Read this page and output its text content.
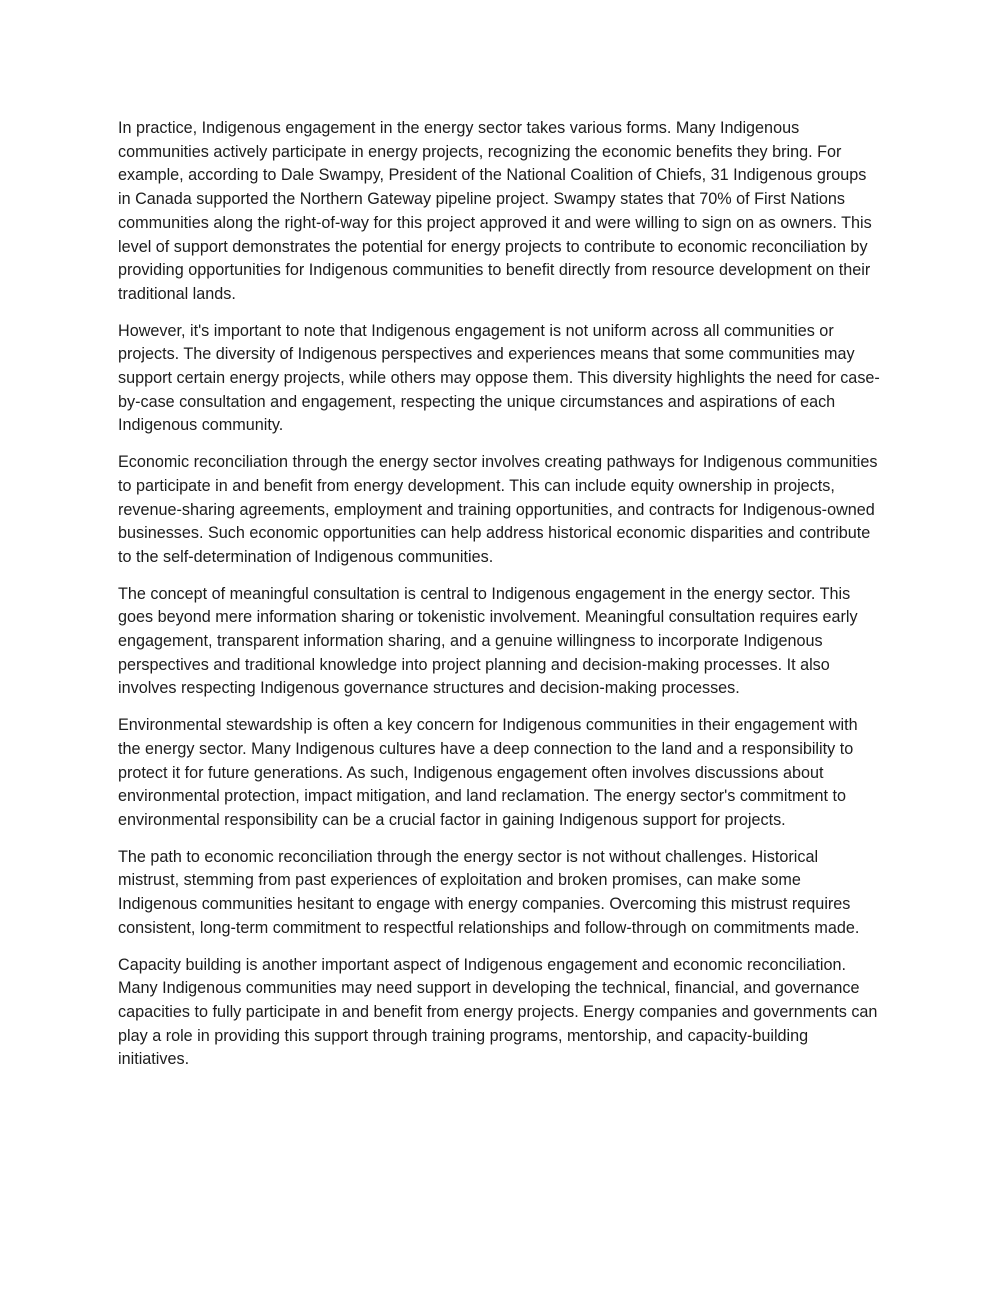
In practice, Indigenous engagement in the energy sector takes various forms. Many Indigenous communities actively participate in energy projects, recognizing the economic benefits they bring. For example, according to Dale Swampy, President of the National Coalition of Chiefs, 31 Indigenous groups in Canada supported the Northern Gateway pipeline project. Swampy states that 70% of First Nations communities along the right-of-way for this project approved it and were willing to sign on as owners. This level of support demonstrates the potential for energy projects to contribute to economic reconciliation by providing opportunities for Indigenous communities to benefit directly from resource development on their traditional lands.

However, it's important to note that Indigenous engagement is not uniform across all communities or projects. The diversity of Indigenous perspectives and experiences means that some communities may support certain energy projects, while others may oppose them. This diversity highlights the need for case-by-case consultation and engagement, respecting the unique circumstances and aspirations of each Indigenous community.

Economic reconciliation through the energy sector involves creating pathways for Indigenous communities to participate in and benefit from energy development. This can include equity ownership in projects, revenue-sharing agreements, employment and training opportunities, and contracts for Indigenous-owned businesses. Such economic opportunities can help address historical economic disparities and contribute to the self-determination of Indigenous communities.

The concept of meaningful consultation is central to Indigenous engagement in the energy sector. This goes beyond mere information sharing or tokenistic involvement. Meaningful consultation requires early engagement, transparent information sharing, and a genuine willingness to incorporate Indigenous perspectives and traditional knowledge into project planning and decision-making processes. It also involves respecting Indigenous governance structures and decision-making processes.

Environmental stewardship is often a key concern for Indigenous communities in their engagement with the energy sector. Many Indigenous cultures have a deep connection to the land and a responsibility to protect it for future generations. As such, Indigenous engagement often involves discussions about environmental protection, impact mitigation, and land reclamation. The energy sector's commitment to environmental responsibility can be a crucial factor in gaining Indigenous support for projects.

The path to economic reconciliation through the energy sector is not without challenges. Historical mistrust, stemming from past experiences of exploitation and broken promises, can make some Indigenous communities hesitant to engage with energy companies. Overcoming this mistrust requires consistent, long-term commitment to respectful relationships and follow-through on commitments made.

Capacity building is another important aspect of Indigenous engagement and economic reconciliation. Many Indigenous communities may need support in developing the technical, financial, and governance capacities to fully participate in and benefit from energy projects. Energy companies and governments can play a role in providing this support through training programs, mentorship, and capacity-building initiatives.
